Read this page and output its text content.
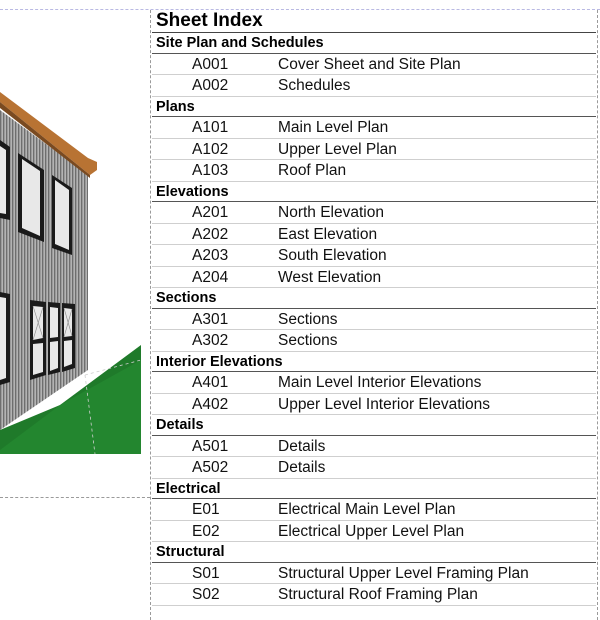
Sheet Index
Site Plan and Schedules
A001	Cover Sheet and Site Plan
A002	Schedules
Plans
A101	Main Level Plan
A102	Upper Level Plan
A103	Roof Plan
Elevations
A201	North Elevation
A202	East Elevation
A203	South Elevation
A204	West Elevation
Sections
A301	Sections
A302	Sections
Interior Elevations
A401	Main Level Interior Elevations
A402	Upper Level Interior Elevations
Details
A501	Details
A502	Details
Electrical
E01	Electrical Main Level Plan
E02	Electrical Upper Level Plan
Structural
S01	Structural Upper Level Framing Plan
S02	Structural Roof Framing Plan
